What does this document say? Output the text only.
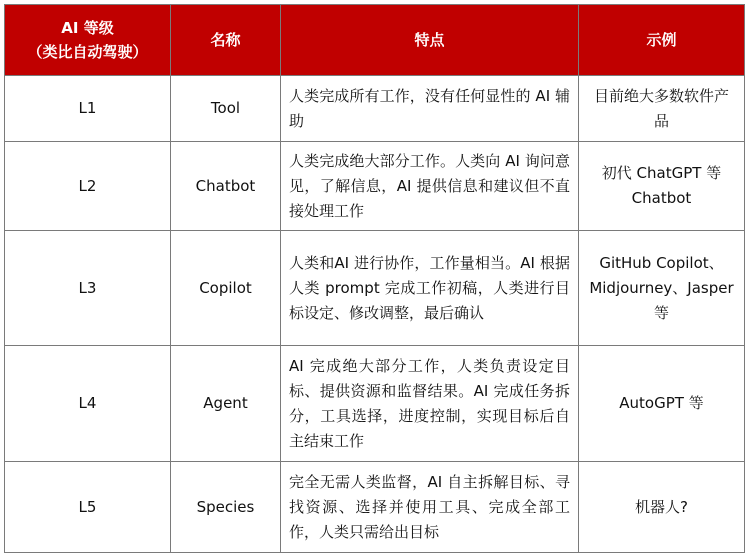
AI 等级
（类比自动驾驶）	名称	特点	示例
L1	Tool	人类完成所有工作，没有任何显性的 AI 辅助	目前绝大多数软件产品
L2	Chatbot	人类完成绝大部分工作。人类向 AI 询问意见，了解信息，AI 提供信息和建议但不直接处理工作	初代 ChatGPT 等 Chatbot
L3	Copilot	人类和AI 进行协作，工作量相当。AI 根据人类 prompt 完成工作初稿，人类进行目标设定、修改调整，最后确认	GitHub Copilot、Midjourney、Jasper 等
L4	Agent	AI 完成绝大部分工作，人类负责设定目标、提供资源和监督结果。AI 完成任务拆分，工具选择，进度控制，实现目标后自主结束工作	AutoGPT 等
L5	Species	完全无需人类监督，AI 自主拆解目标、寻找资源、选择并使用工具、完成全部工作，人类只需给出目标	机器人?
